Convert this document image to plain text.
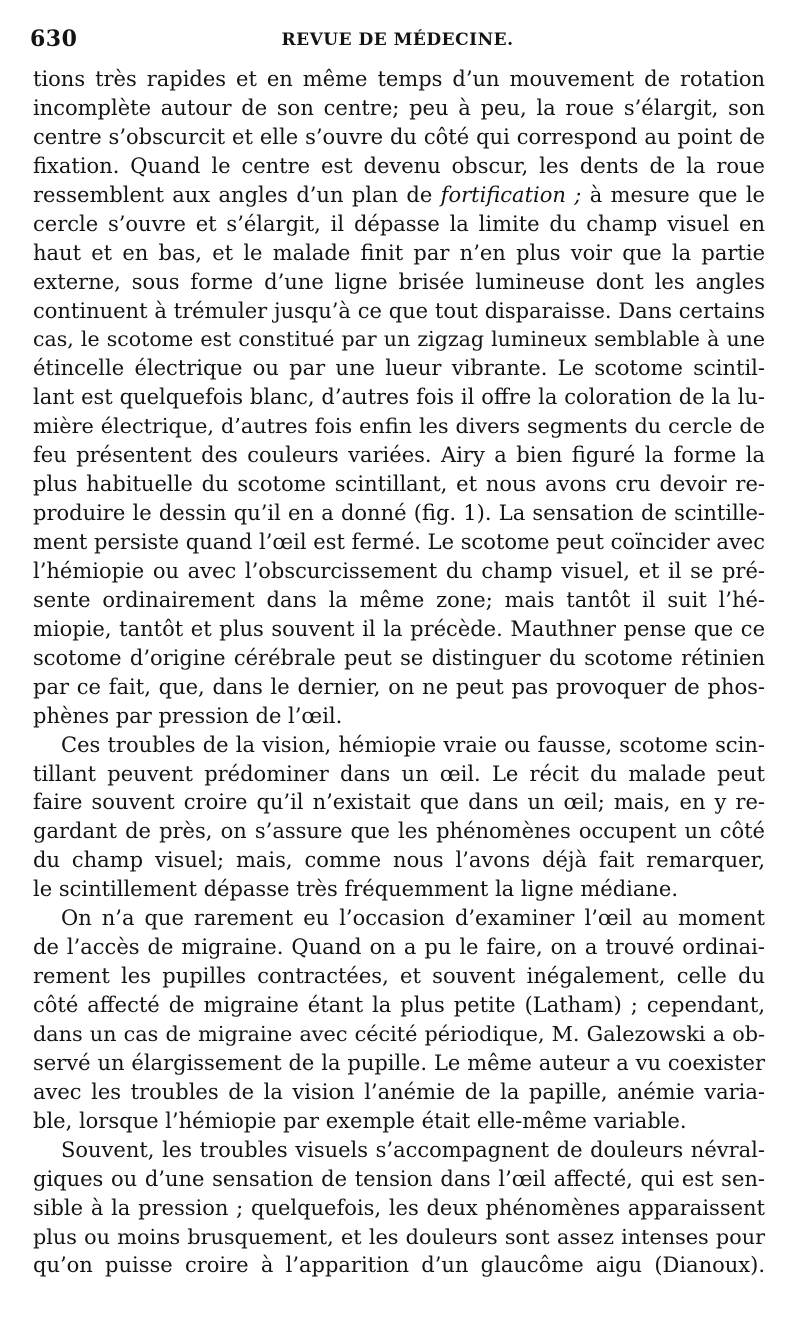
630	REVUE DE MÉDECINE.
tions très rapides et en même temps d’un mouvement de rotation
incomplète autour de son centre; peu à peu, la roue s’élargit, son
centre s’obscurcit et elle s’ouvre du côté qui correspond au point de
fixation. Quand le centre est devenu obscur, les dents de la roue
ressemblent aux angles d’un plan de fortification ; à mesure que le
cercle s’ouvre et s’élargit, il dépasse la limite du champ visuel en
haut et en bas, et le malade finit par n’en plus voir que la partie
externe, sous forme d’une ligne brisée lumineuse dont les angles
continuent à trémuler jusqu’à ce que tout disparaisse. Dans certains
cas, le scotome est constitué par un zigzag lumineux semblable à une
étincelle électrique ou par une lueur vibrante. Le scotome scintil-
lant est quelquefois blanc, d’autres fois il offre la coloration de la lu-
mière électrique, d’autres fois enfin les divers segments du cercle de
feu présentent des couleurs variées. Airy a bien figuré la forme la
plus habituelle du scotome scintillant, et nous avons cru devoir re-
produire le dessin qu’il en a donné (fig. 1). La sensation de scintille-
ment persiste quand l’œil est fermé. Le scotome peut coïncider avec
l’hémiopie ou avec l’obscurcissement du champ visuel, et il se pré-
sente ordinairement dans la même zone; mais tantôt il suit l’hé-
miopie, tantôt et plus souvent il la précède. Mauthner pense que ce
scotome d’origine cérébrale peut se distinguer du scotome rétinien
par ce fait, que, dans le dernier, on ne peut pas provoquer de phos-
phènes par pression de l’œil.
Ces troubles de la vision, hémiopie vraie ou fausse, scotome scin-
tillant peuvent prédominer dans un œil. Le récit du malade peut
faire souvent croire qu’il n’existait que dans un œil; mais, en y re-
gardant de près, on s’assure que les phénomènes occupent un côté
du champ visuel; mais, comme nous l’avons déjà fait remarquer,
le scintillement dépasse très fréquemment la ligne médiane.
On n’a que rarement eu l’occasion d’examiner l’œil au moment
de l’accès de migraine. Quand on a pu le faire, on a trouvé ordinai-
rement les pupilles contractées, et souvent inégalement, celle du
côté affecté de migraine étant la plus petite (Latham) ; cependant,
dans un cas de migraine avec cécité périodique, M. Galezowski a ob-
servé un élargissement de la pupille. Le même auteur a vu coexister
avec les troubles de la vision l’anémie de la papille, anémie varia-
ble, lorsque l’hémiopie par exemple était elle-même variable.
Souvent, les troubles visuels s’accompagnent de douleurs névral-
giques ou d’une sensation de tension dans l’œil affecté, qui est sen-
sible à la pression ; quelquefois, les deux phénomènes apparaissent
plus ou moins brusquement, et les douleurs sont assez intenses pour
qu’on puisse croire à l’apparition d’un glaucôme aigu (Dianoux).
